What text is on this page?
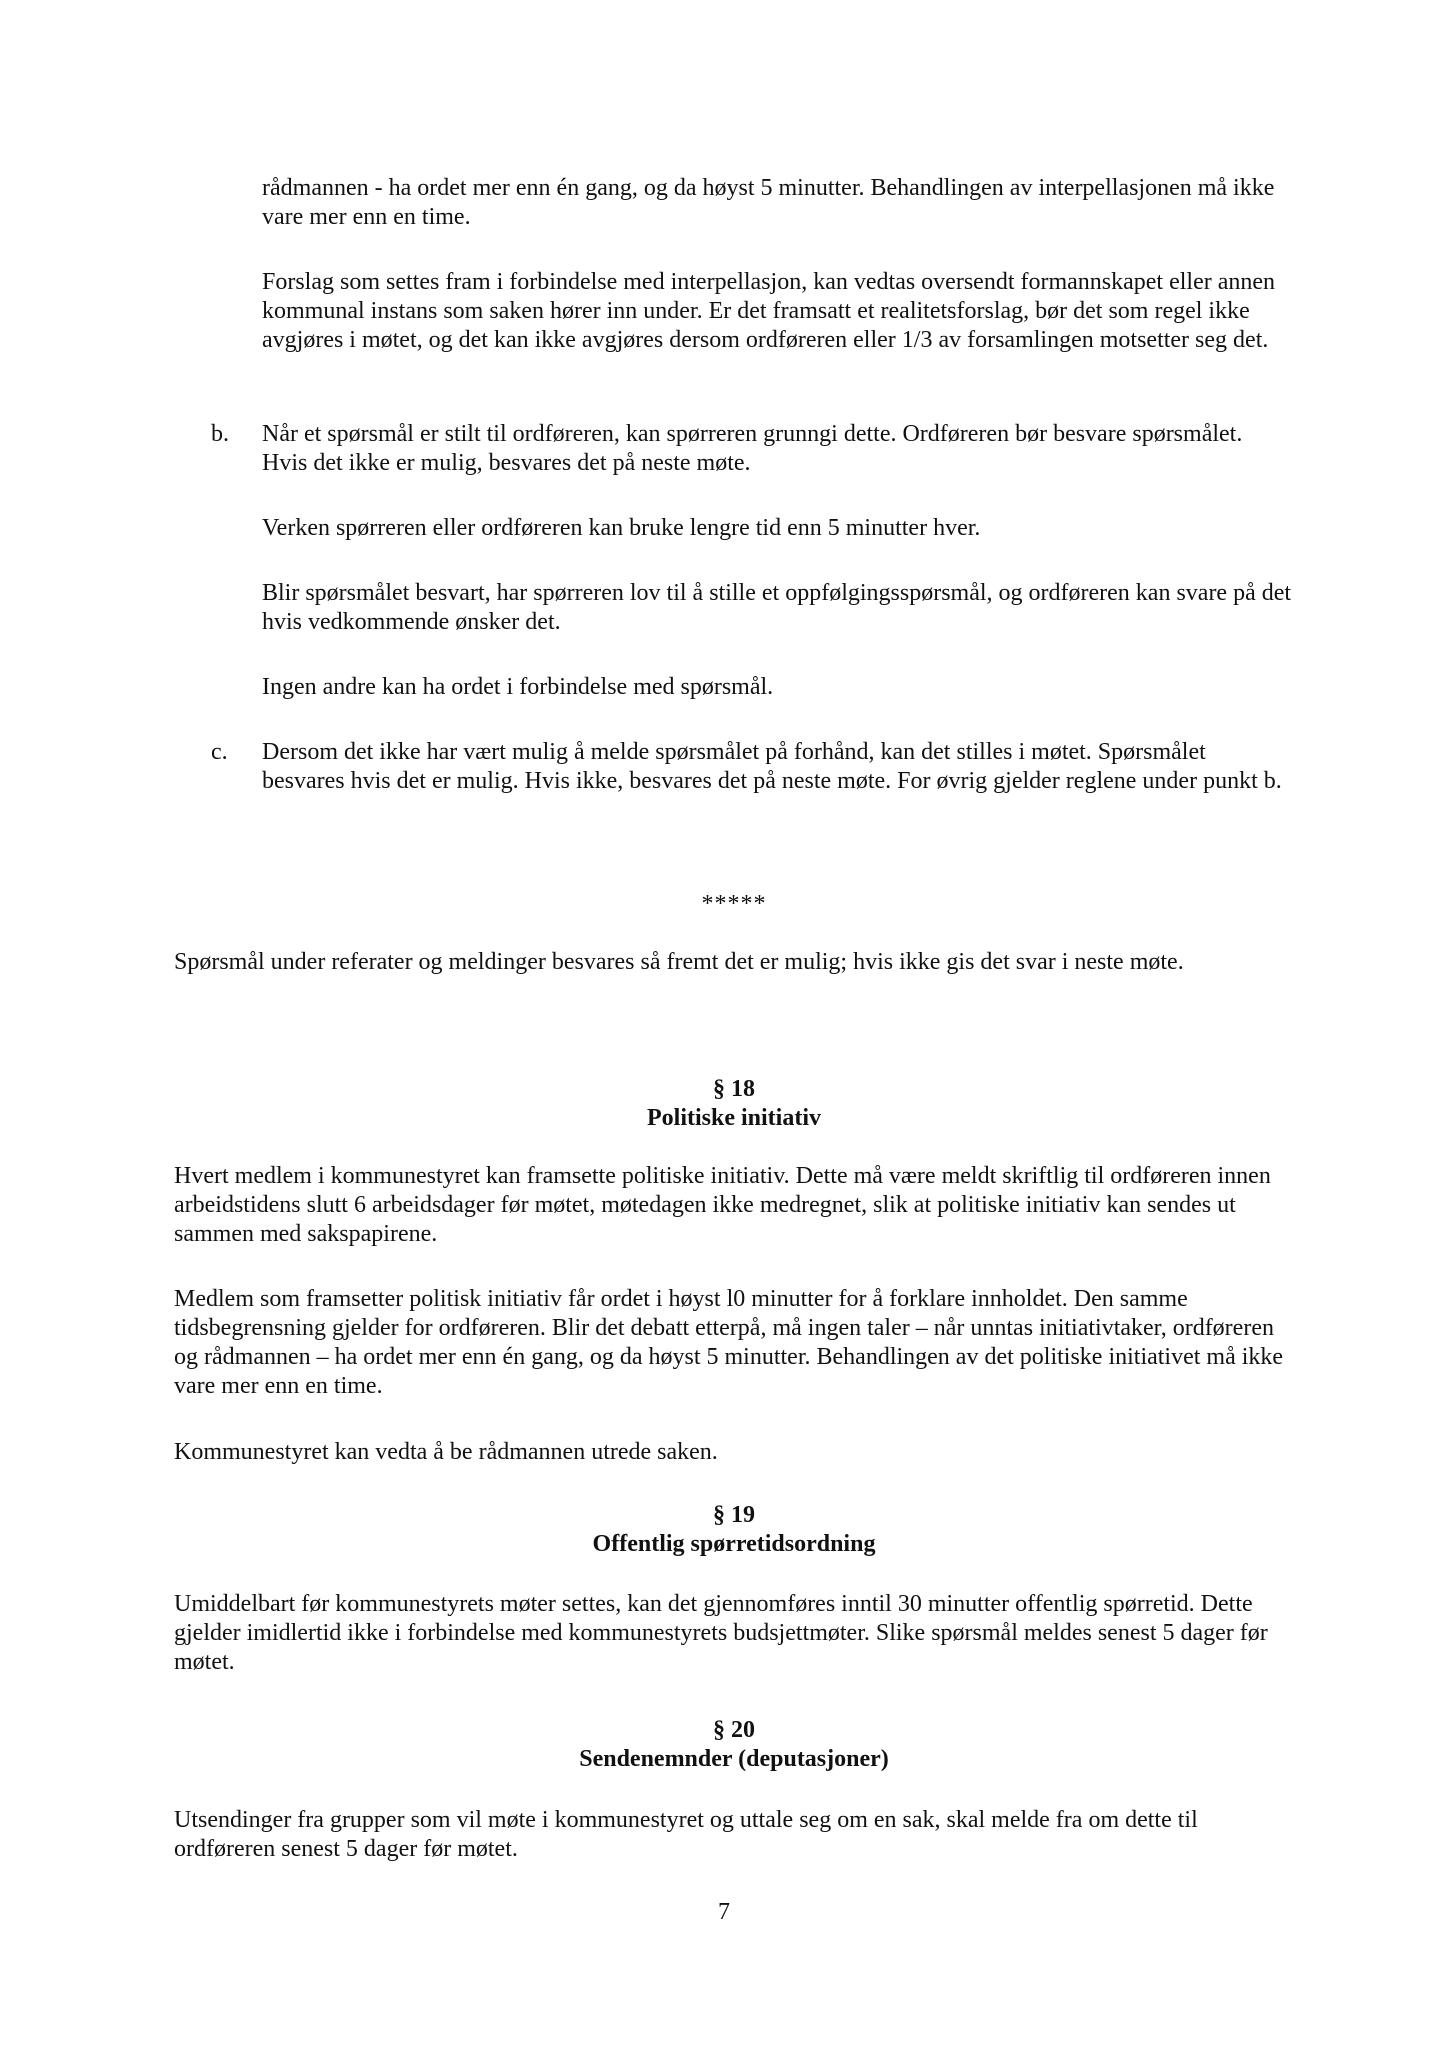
rådmannen - ha ordet mer enn én gang, og da høyst 5 minutter. Behandlingen av interpellasjonen må ikke vare mer enn en time.

Forslag som settes fram i forbindelse med interpellasjon, kan vedtas oversendt formannskapet eller annen kommunal instans som saken hører inn under. Er det framsatt et realitetsforslag, bør det som regel ikke avgjøres i møtet, og det kan ikke avgjøres dersom ordføreren eller 1/3 av forsamlingen motsetter seg det.

b. Når et spørsmål er stilt til ordføreren, kan spørreren grunngi dette. Ordføreren bør besvare spørsmålet. Hvis det ikke er mulig, besvares det på neste møte.

Verken spørreren eller ordføreren kan bruke lengre tid enn 5 minutter hver.

Blir spørsmålet besvart, har spørreren lov til å stille et oppfølgingsspørsmål, og ordføreren kan svare på det hvis vedkommende ønsker det.

Ingen andre kan ha ordet i forbindelse med spørsmål.

c. Dersom det ikke har vært mulig å melde spørsmålet på forhånd, kan det stilles i møtet. Spørsmålet besvares hvis det er mulig. Hvis ikke, besvares det på neste møte. For øvrig gjelder reglene under punkt b.

*****

Spørsmål under referater og meldinger besvares så fremt det er mulig; hvis ikke gis det svar i neste møte.

§ 18

Politiske initiativ

Hvert medlem i kommunestyret kan framsette politiske initiativ. Dette må være meldt skriftlig til ordføreren innen arbeidstidens slutt 6 arbeidsdager før møtet, møtedagen ikke medregnet, slik at politiske initiativ kan sendes ut sammen med sakspapirene.

Medlem som framsetter politisk initiativ får ordet i høyst l0 minutter for å forklare innholdet. Den samme tidsbegrensning gjelder for ordføreren. Blir det debatt etterpå, må ingen taler – når unntas initiativtaker, ordføreren og rådmannen – ha ordet mer enn én gang, og da høyst 5 minutter. Behandlingen av det politiske initiativet må ikke vare mer enn en time.

Kommunestyret kan vedta å be rådmannen utrede saken.

§ 19

Offentlig spørretidsordning

Umiddelbart før kommunestyrets møter settes, kan det gjennomføres inntil 30 minutter offentlig spørretid. Dette gjelder imidlertid ikke i forbindelse med kommunestyrets budsjettmøter. Slike spørsmål meldes senest 5 dager før møtet.

§ 20

Sendenemnder (deputasjoner)

Utsendinger fra grupper som vil møte i kommunestyret og uttale seg om en sak, skal melde fra om dette til ordføreren senest 5 dager før møtet.

7
